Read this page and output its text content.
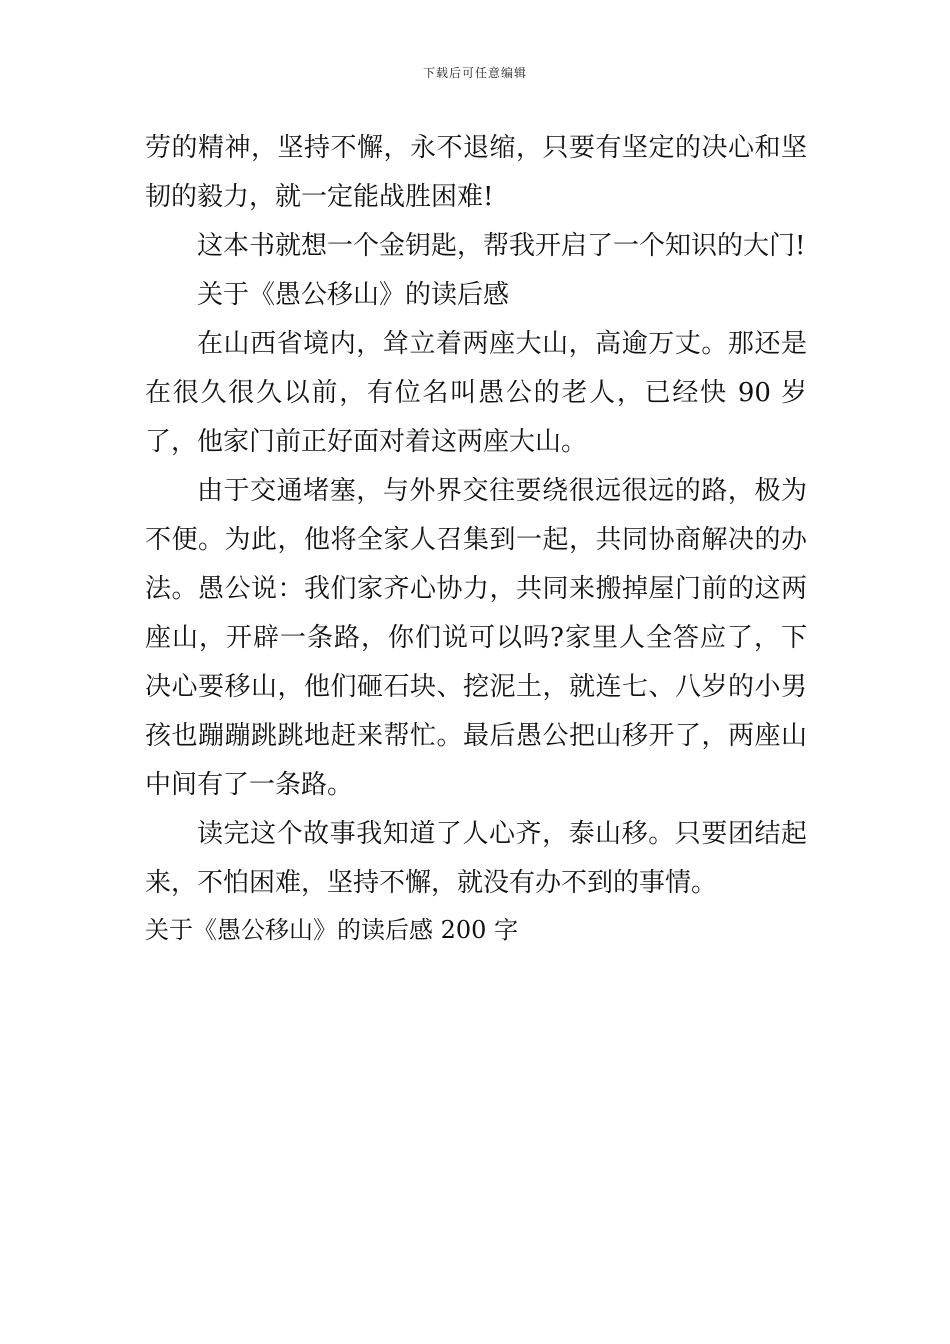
下载后可任意编辑

劳的精神，坚持不懈，永不退缩，只要有坚定的决心和坚韧的毅力，就一定能战胜困难!

这本书就想一个金钥匙，帮我开启了一个知识的大门!

关于《愚公移山》的读后感

在山西省境内，耸立着两座大山，高逾万丈。那还是在很久很久以前，有位名叫愚公的老人，已经快 90 岁了，他家门前正好面对着这两座大山。

由于交通堵塞，与外界交往要绕很远很远的路，极为不便。为此，他将全家人召集到一起，共同协商解决的办法。愚公说：我们家齐心协力，共同来搬掉屋门前的这两座山，开辟一条路，你们说可以吗?家里人全答应了，下决心要移山，他们砸石块、挖泥土，就连七、八岁的小男孩也蹦蹦跳跳地赶来帮忙。最后愚公把山移开了，两座山中间有了一条路。

读完这个故事我知道了人心齐，泰山移。只要团结起来，不怕困难，坚持不懈，就没有办不到的事情。

关于《愚公移山》的读后感 200 字
